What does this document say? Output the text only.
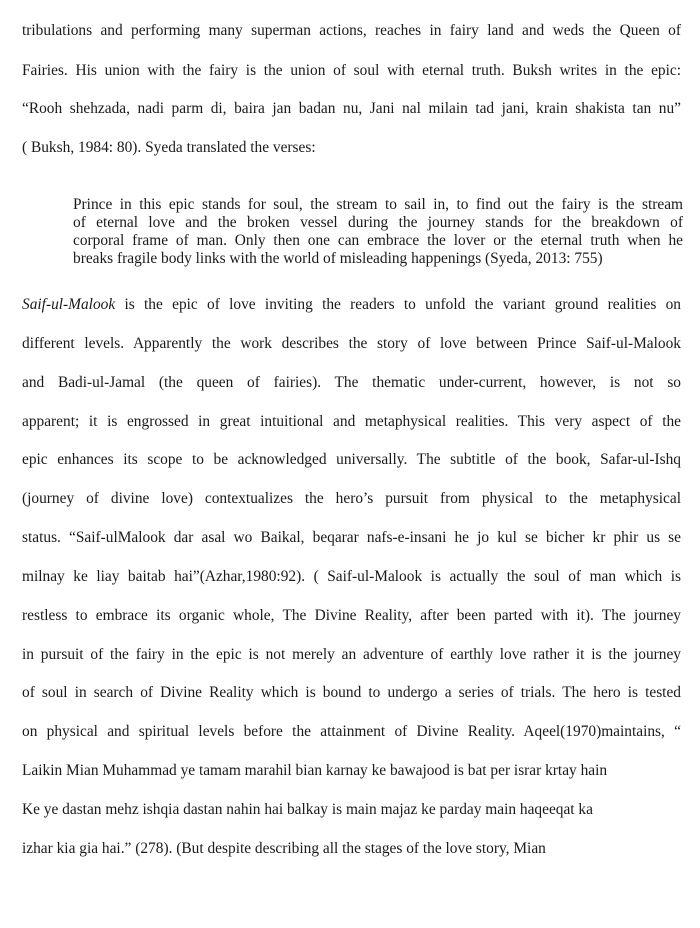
tribulations and performing many superman actions, reaches in fairy land and weds the Queen of
Fairies. His union with the fairy is the union of soul with eternal truth. Buksh writes in the epic:
“Rooh shehzada, nadi parm di, baira jan badan nu, Jani nal milain tad jani, krain shakista tan nu”
( Buksh, 1984: 80). Syeda translated the verses:
Prince in this epic stands for soul, the stream to sail in, to find out the fairy is the stream
of eternal love and the broken vessel during the journey stands for the breakdown of
corporal frame of man. Only then one can embrace the lover or the eternal truth when he
breaks fragile body links with the world of misleading happenings (Syeda, 2013: 755)
Saif-ul-Malook is the epic of love inviting the readers to unfold the variant ground realities on
different levels. Apparently the work describes the story of love between Prince Saif-ul-Malook
and Badi-ul-Jamal (the queen of fairies). The thematic under-current, however, is not so
apparent; it is engrossed in great intuitional and metaphysical realities. This very aspect of the
epic enhances its scope to be acknowledged universally. The subtitle of the book, Safar-ul-Ishq
(journey of divine love) contextualizes the hero’s pursuit from physical to the metaphysical
status. “Saif-ulMalook dar asal wo Baikal, beqarar nafs-e-insani he jo kul se bicher kr phir us se
milnay ke liay baitab hai”(Azhar,1980:92). ( Saif-ul-Malook is actually the soul of man which is
restless to embrace its organic whole, The Divine Reality, after been parted with it). The journey
in pursuit of the fairy in the epic is not merely an adventure of earthly love rather it is the journey
of soul in search of Divine Reality which is bound to undergo a series of trials. The hero is tested
on physical and spiritual levels before the attainment of Divine Reality. Aqeel(1970)maintains, “
Laikin Mian Muhammad ye tamam marahil bian karnay ke bawajood is bat per israr krtay hain
Ke ye dastan mehz ishqia dastan nahin hai balkay is main majaz ke parday main haqeeqat ka
izhar kia gia hai.” (278). (But despite describing all the stages of the love story, Mian
